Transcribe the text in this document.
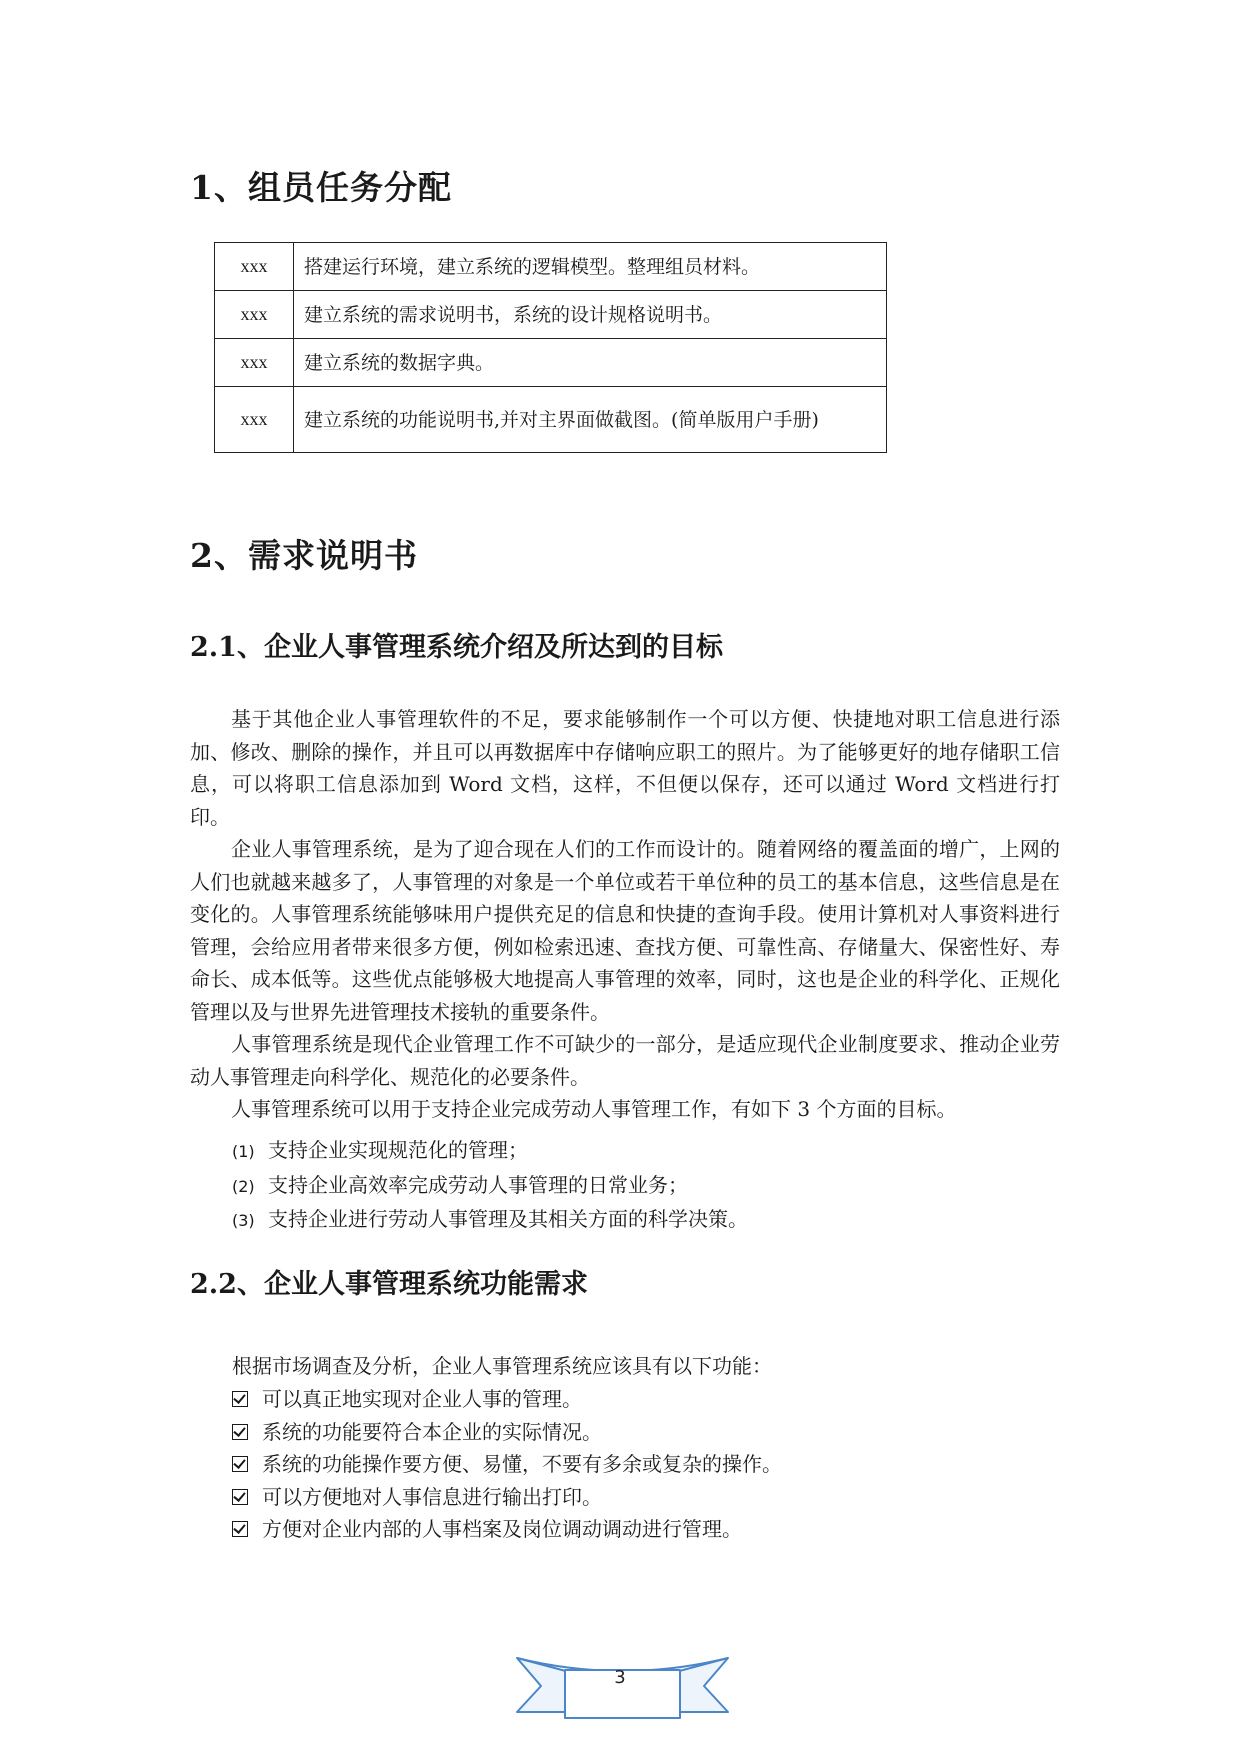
1、组员任务分配
xxx	搭建运行环境，建立系统的逻辑模型。整理组员材料。
xxx	建立系统的需求说明书，系统的设计规格说明书。
xxx	建立系统的数据字典。
xxx	建立系统的功能说明书,并对主界面做截图。(简单版用户手册)
2、需求说明书
2.1、企业人事管理系统介绍及所达到的目标

基于其他企业人事管理软件的不足，要求能够制作一个可以方便、快捷地对职工信息进行添加、修改、删除的操作，并且可以再数据库中存储响应职工的照片。为了能够更好的地存储职工信息，可以将职工信息添加到 Word 文档，这样，不但便以保存，还可以通过 Word 文档进行打印。

企业人事管理系统，是为了迎合现在人们的工作而设计的。随着网络的覆盖面的增广，上网的人们也就越来越多了，人事管理的对象是一个单位或若干单位种的员工的基本信息，这些信息是在变化的。人事管理系统能够味用户提供充足的信息和快捷的查询手段。使用计算机对人事资料进行管理，会给应用者带来很多方便，例如检索迅速、查找方便、可靠性高、存储量大、保密性好、寿命长、成本低等。这些优点能够极大地提高人事管理的效率，同时，这也是企业的科学化、正规化管理以及与世界先进管理技术接轨的重要条件。

人事管理系统是现代企业管理工作不可缺少的一部分，是适应现代企业制度要求、推动企业劳动人事管理走向科学化、规范化的必要条件。

人事管理系统可以用于支持企业完成劳动人事管理工作，有如下 3 个方面的目标。

(1) 支持企业实现规范化的管理；
(2) 支持企业高效率完成劳动人事管理的日常业务；
(3) 支持企业进行劳动人事管理及其相关方面的科学决策。
2.2、企业人事管理系统功能需求
根据市场调查及分析，企业人事管理系统应该具有以下功能：
可以真正地实现对企业人事的管理。
系统的功能要符合本企业的实际情况。
系统的功能操作要方便、易懂，不要有多余或复杂的操作。
可以方便地对人事信息进行输出打印。
方便对企业内部的人事档案及岗位调动调动进行管理。
3
